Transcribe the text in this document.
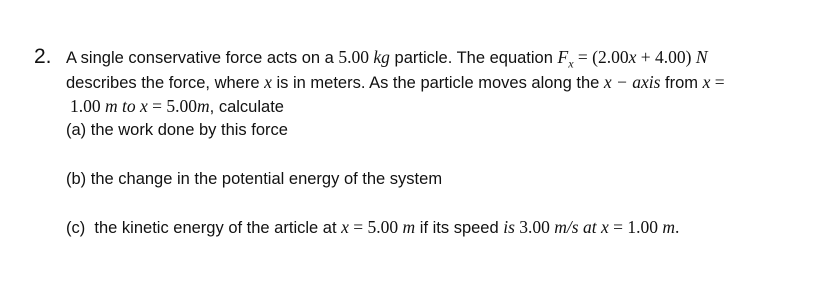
2. A single conservative force acts on a 5.00 kg particle. The equation $F_x = (2.00x + 4.00)$ N
describes the force, where x is in meters. As the particle moves along the x − axis from x =
1.00 m to x = 5.00m, calculate
(a) the work done by this force
(b) the change in the potential energy of the system
(c)  the kinetic energy of the article at x = 5.00 m if its speed is 3.00 m/s at x = 1.00 m.
